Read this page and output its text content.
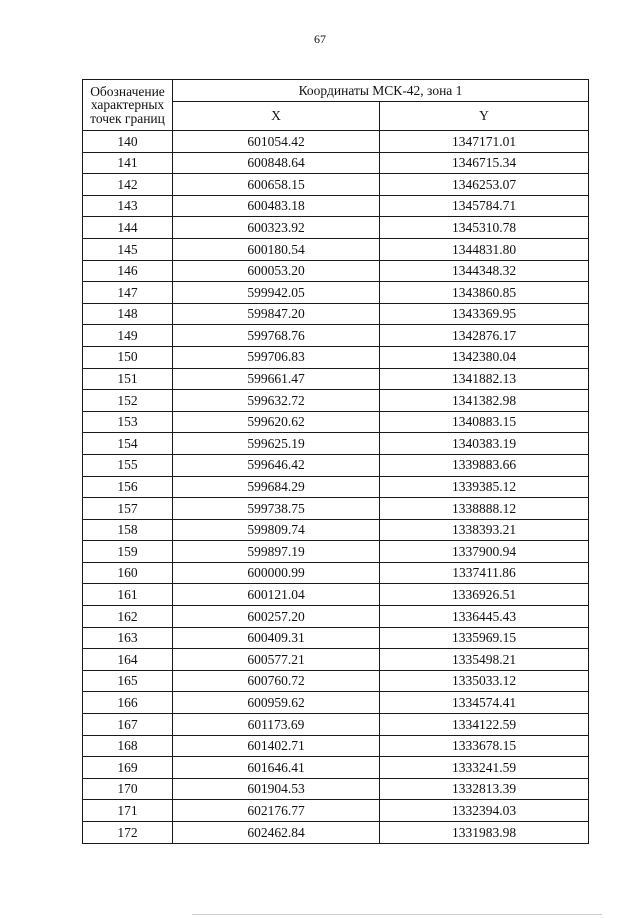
67
Обозначение
характерных
точек границ	Координаты МСК-42, зона 1	
	X	Y
140	601054.42	1347171.01
141	600848.64	1346715.34
142	600658.15	1346253.07
143	600483.18	1345784.71
144	600323.92	1345310.78
145	600180.54	1344831.80
146	600053.20	1344348.32
147	599942.05	1343860.85
148	599847.20	1343369.95
149	599768.76	1342876.17
150	599706.83	1342380.04
151	599661.47	1341882.13
152	599632.72	1341382.98
153	599620.62	1340883.15
154	599625.19	1340383.19
155	599646.42	1339883.66
156	599684.29	1339385.12
157	599738.75	1338888.12
158	599809.74	1338393.21
159	599897.19	1337900.94
160	600000.99	1337411.86
161	600121.04	1336926.51
162	600257.20	1336445.43
163	600409.31	1335969.15
164	600577.21	1335498.21
165	600760.72	1335033.12
166	600959.62	1334574.41
167	601173.69	1334122.59
168	601402.71	1333678.15
169	601646.41	1333241.59
170	601904.53	1332813.39
171	602176.77	1332394.03
172	602462.84	1331983.98
